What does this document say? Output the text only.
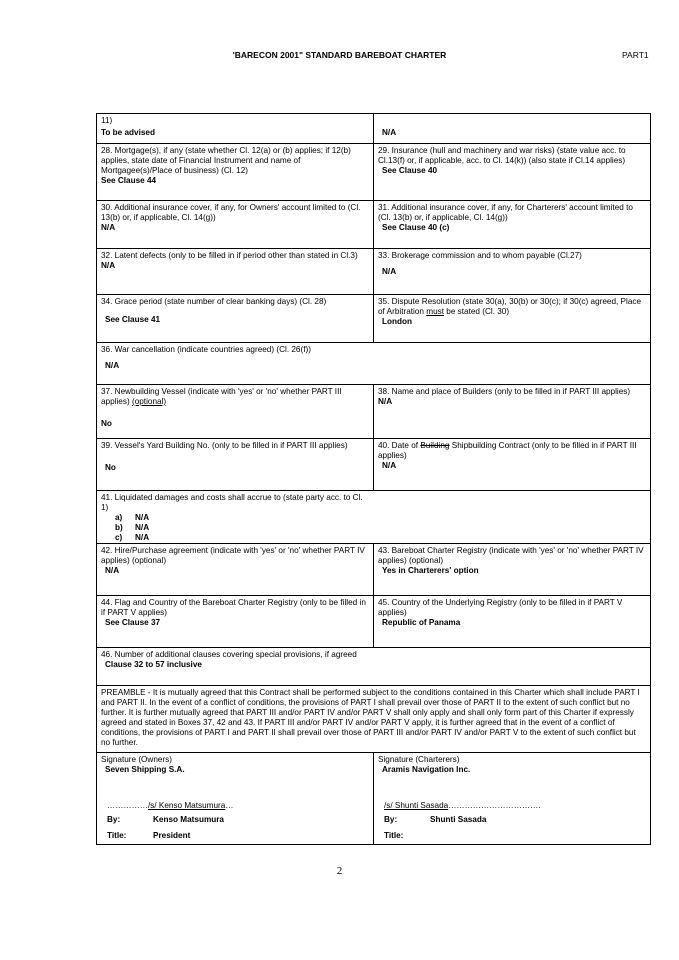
'BARECON 2001" STANDARD BAREBOAT CHARTER	PART1
11)
To be advised	N/A
28. Mortgage(s), if any (state whether Cl. 12(a) or (b) applies; if 12(b) applies, state date of Financial Instrument and name of Mortgagee(s)/Place of business) (Cl. 12)
See Clause 44
29. Insurance (hull and machinery and war risks) (state value acc. to Cl.13(f) or, if applicable, acc. to Cl. 14(k)) (also state if Cl.14 applies)
See Clause 40
30. Additional insurance cover, if any, for Owners' account limited to (Cl. 13(b) or, if applicable, Cl. 14(g))
N/A
31. Additional insurance cover, if any, for Charterers' account limited to (Cl. 13(b) or, if applicable, Cl. 14(g))
See Clause 40 (c)
32. Latent defects (only to be filled in if period other than stated in Cl.3)
N/A
33. Brokerage commission and to whom payable (Cl.27)
N/A
34. Grace period (state number of clear banking days) (Cl. 28)
See Clause 41
35. Dispute Resolution (state 30(a), 30(b) or 30(c); if 30(c) agreed, Place of Arbitration must be stated (Cl. 30)
London
36. War cancellation (indicate countries agreed) (Cl. 26(f))
N/A
37. Newbuilding Vessel (indicate with 'yes' or 'no' whether PART III applies) (optional)
No
38. Name and place of Builders (only to be filled in if PART III applies)
N/A
39. Vessel's Yard Building No. (only to be filled in if PART III applies)
No
40. Date of Building Shipbuilding Contract (only to be filled in if PART III applies)
N/A
41. Liquidated damages and costs shall accrue to (state party acc. to Cl. 1)
a)	N/A
b)	N/A
c)	N/A
42. Hire/Purchase agreement (indicate with 'yes' or 'no' whether PART IV applies) (optional)
N/A
43. Bareboat Charter Registry (indicate with 'yes' or 'no' whether PART IV applies) (optional)
Yes in Charterers' option
44. Flag and Country of the Bareboat Charter Registry (only to be filled in if PART V applies)
See Clause 37
45. Country of the Underlying Registry (only to be filled in if PART V applies)
Republic of Panama
46. Number of additional clauses covering special provisions, if agreed
Clause 32 to 57 inclusive
PREAMBLE - It is mutually agreed that this Contract shall be performed subject to the conditions contained in this Charter which shall include PART I and PART II. In the event of a conflict of conditions, the provisions of PART I shall prevail over those of PART II to the extent of such conflict but no further. It is further mutually agreed that PART III and/or PART IV and/or PART V shall only apply and shall only form part of this Charter if expressly agreed and stated in Boxes 37, 42 and 43. If PART III and/or PART IV and/or PART V apply, it is further agreed that in the event of a conflict of conditions, the provisions of PART I and PART II shall prevail over those of PART III and/or PART IV and/or PART V to the extent of such conflict but no further.
Signature (Owners)
Seven Shipping S.A.
……………/s/ Kenso Matsumura…
By:	Kenso Matsumura
Title:	President
Signature (Charterers)
Aramis Navigation Inc.
/s/ Shunti Sasada…………………………….
By:	Shunti Sasada
Title:
2
